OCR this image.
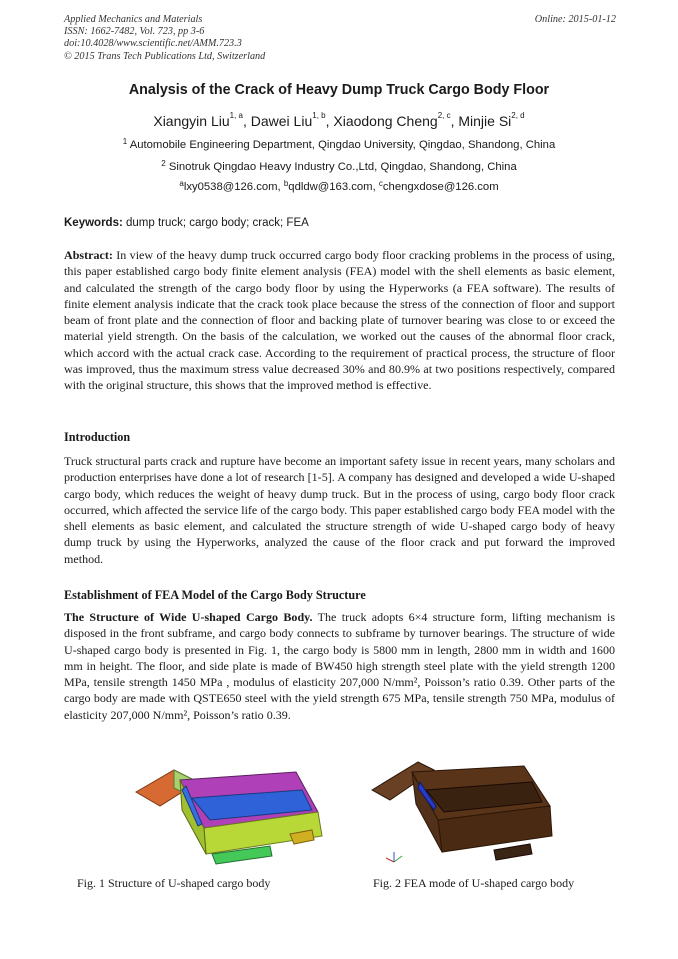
Applied Mechanics and Materials
ISSN: 1662-7482, Vol. 723, pp 3-6
doi:10.4028/www.scientific.net/AMM.723.3
© 2015 Trans Tech Publications Ltd, Switzerland
Online: 2015-01-12
Analysis of the Crack of Heavy Dump Truck Cargo Body Floor
Xiangyin Liu$^{1, a}$, Dawei Liu$^{1, b}$, Xiaodong Cheng$^{2, c}$, Minjie Si$^{2, d}$
$^1$ Automobile Engineering Department, Qingdao University, Qingdao, Shandong, China
$^2$ Sinotruk Qingdao Heavy Industry Co.,Ltd, Qingdao, Shandong, China
$^a$lxy0538@126.com, $^b$qdldw@163.com, $^c$chengxdose@126.com
Keywords: dump truck; cargo body; crack; FEA
Abstract: In view of the heavy dump truck occurred cargo body floor cracking problems in the process of using, this paper established cargo body finite element analysis (FEA) model with the shell elements as basic element, and calculated the strength of the cargo body floor by using the Hyperworks (a FEA software). The results of finite element analysis indicate that the crack took place because the stress of the connection of floor and support beam of front plate and the connection of floor and backing plate of turnover bearing was close to or exceed the material yield strength. On the basis of the calculation, we worked out the causes of the abnormal floor crack, which accord with the actual crack case. According to the requirement of practical process, the structure of floor was improved, thus the maximum stress value decreased 30% and 80.9% at two positions respectively, compared with the original structure, this shows that the improved method is effective.
Introduction
Truck structural parts crack and rupture have become an important safety issue in recent years, many scholars and production enterprises have done a lot of research [1-5]. A company has designed and developed a wide U-shaped cargo body, which reduces the weight of heavy dump truck. But in the process of using, cargo body floor crack occurred, which affected the service life of the cargo body. This paper established cargo body FEA model with the shell elements as basic element, and calculated the structure strength of wide U-shaped cargo body of heavy dump truck by using the Hyperworks, analyzed the cause of the floor crack and put forward the improved method.
Establishment of FEA Model of the Cargo Body Structure
The Structure of Wide U-shaped Cargo Body. The truck adopts 6×4 structure form, lifting mechanism is disposed in the front subframe, and cargo body connects to subframe by turnover bearings. The structure of wide U-shaped cargo body is presented in Fig. 1, the cargo body is 5800 mm in length, 2800 mm in width and 1600 mm in height. The floor, and side plate is made of BW450 high strength steel plate with the yield strength 1200 MPa, tensile strength 1450 MPa , modulus of elasticity 207,000 N/mm², Poisson’s ratio 0.39. Other parts of the cargo body are made with QSTE650 steel with the yield strength 675 MPa, tensile strength 750 MPa, modulus of elasticity 207,000 N/mm², Poisson’s ratio 0.39.
Fig. 1 Structure of U-shaped cargo body	Fig. 2 FEA mode of U-shaped cargo body
